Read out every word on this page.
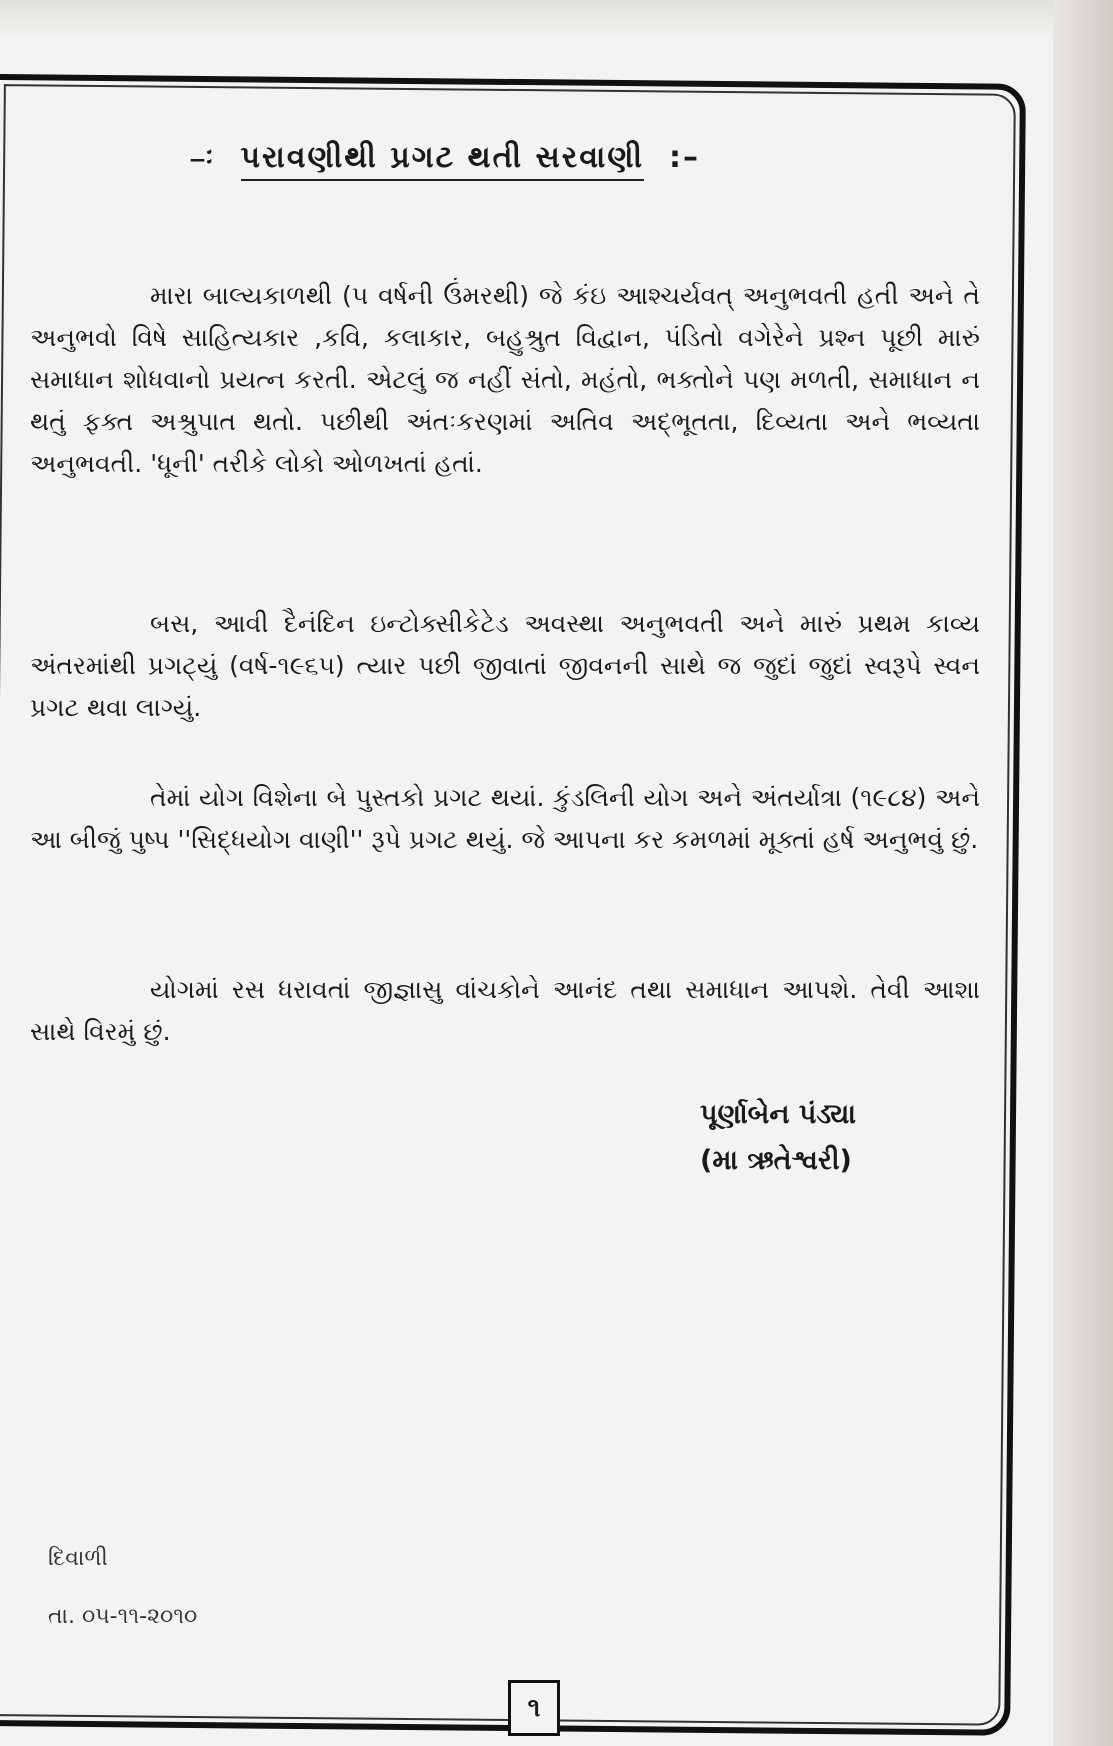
–ઃ પરાવણીથી પ્રગટ થતી સરવાણી :–

મારા બાલ્યકાળથી (૫ વર્ષની ઉંમરથી) જે કંઇ આશ્ચર્યવત્ અનુભવતી હતી અને તે અનુભવો વિષે સાહિત્યકાર ,કવિ, કલાકાર, બહુશ્રુત વિદ્વાન, પંડિતો વગેરેને પ્રશ્ન પૂછી મારું સમાધાન શોધવાનો પ્રયત્ન કરતી. એટલું જ નહીં સંતો, મહંતો, ભક્તોને પણ મળતી, સમાધાન ન થતું ફક્ત અશ્રુપાત થતો. પછીથી અંતઃકરણમાં અતિવ અદ્ભૂતતા, દિવ્યતા અને ભવ્યતા અનુભવતી. 'ધૂની' તરીકે લોકો ઓળખતાં હતાં.

બસ, આવી દૈનંદિન ઇન્ટોક્સીકેટેડ અવસ્થા અનુભવતી અને મારું પ્રથમ કાવ્ય અંતરમાંથી પ્રગટ્યું (વર્ષ-૧૯૬૫) ત્યાર પછી જીવાતાં જીવનની સાથે જ જુદાં જુદાં સ્વરૂપે સ્વન પ્રગટ થવા લાગ્યું.

તેમાં યોગ વિશેના બે પુસ્તકો પ્રગટ થયાં. કુંડલિની યોગ અને અંતર્યાત્રા (૧૯૮૪) અને આ બીજું પુષ્પ ''સિદ્ધયોગ વાણી'' રૂપે પ્રગટ થયું. જે આપના કર કમળમાં મૂક્તાં હર્ષ અનુભવું છું.

યોગમાં રસ ધરાવતાં જીજ્ઞાસુ વાંચકોને આનંદ તથા સમાધાન આપશે. તેવી આશા સાથે વિરમું છું.

પૂર્ણાબેન પંડ્યા
(મા ઋતેશ્વરી)
દિવાળી
તા. ૦૫-૧૧-૨૦૧૦
૧
